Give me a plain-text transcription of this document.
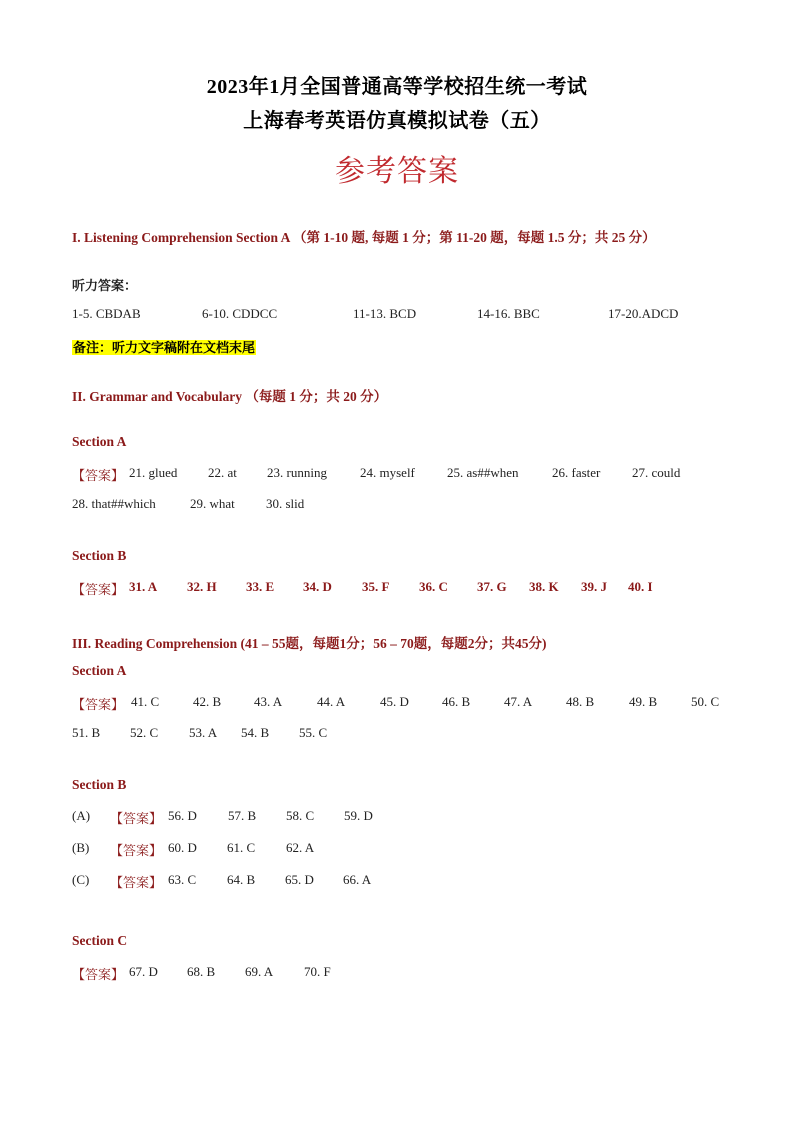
2023年1月全国普通高等学校招生统一考试
上海春考英语仿真模拟试卷（五）
参考答案
I. Listening Comprehension Section A （第 1-10 题, 每题 1 分；第 11-20 题，每题 1.5 分；共 25 分）
听力答案：
1-5. CBDAB	6-10. CDDCC	11-13. BCD	14-16. BBC	17-20.ADCD
备注：听力文字稿附在文档末尾
II. Grammar and Vocabulary （每题 1 分；共 20 分）
Section A
【答案】 21. glued 22. at 23. running	24. myself 25. as##when	26. faster 27. could
28. that##which	29. what 30. slid
Section B
【答案】 31. A 32. H 33. E 34. D 35. F 36. C 37. G 38. K 39. J 40. I
III. Reading Comprehension (41 – 55题，每题1分；56 – 70题，每题2分；共45分)
Section A
【答案】 41. C	42. B	43. A	44. A	45. D	46. B	47. A	48. B	49. B	50. C
51. B 52. C 53. A 54. B 55. C
Section B
(A) 【答案】 56. D 57. B 58. C 59. D
(B) 【答案】 60. D 61. C 62. A
(C) 【答案】 63. C 64. B 65. D 66. A
Section C
【答案】 67. D 68. B 69. A 70. F
